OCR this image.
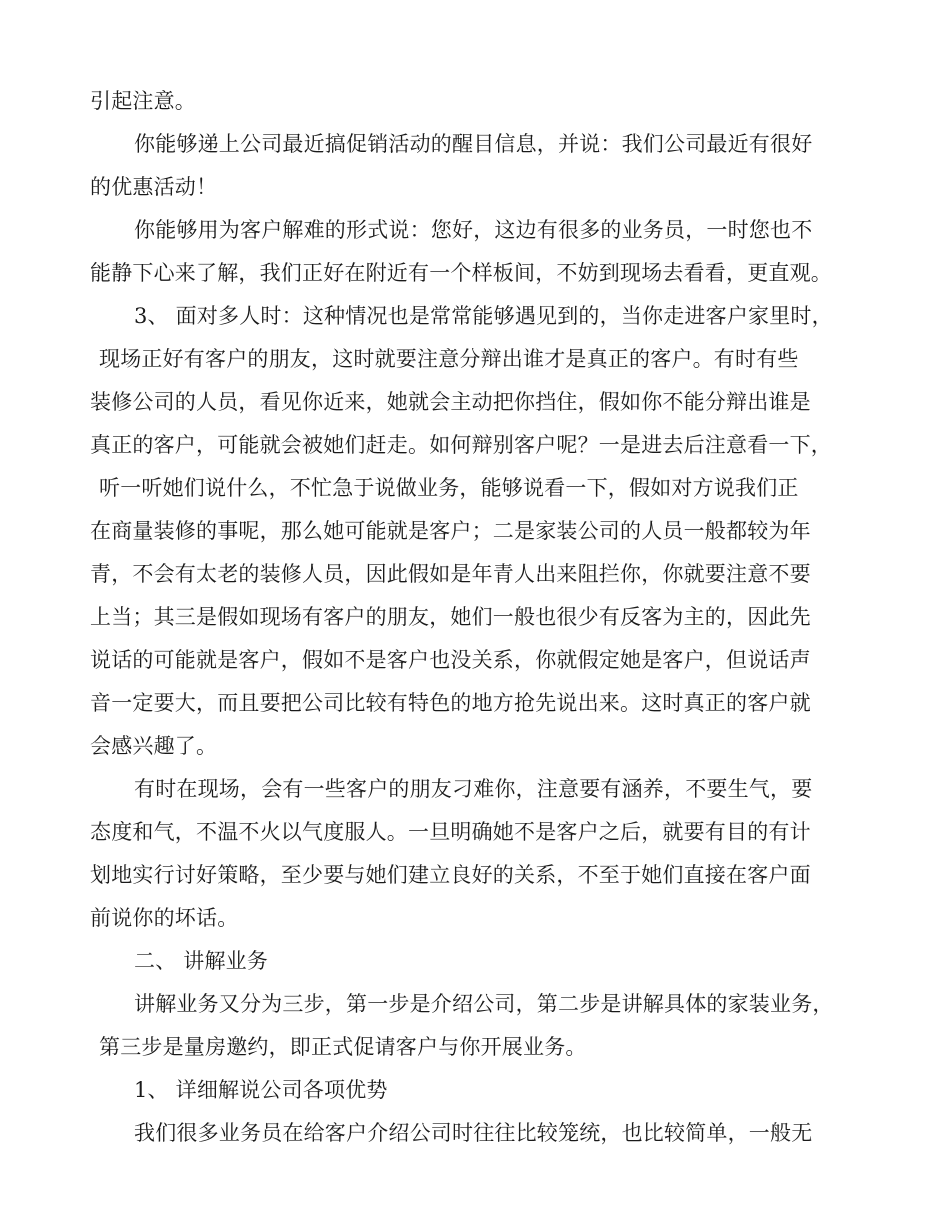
引起注意。
你能够递上公司最近搞促销活动的醒目信息，并说：我们公司最近有很好
的优惠活动！
你能够用为客户解难的形式说：您好，这边有很多的业务员，一时您也不
能静下心来了解，我们正好在附近有一个样板间，不妨到现场去看看，更直观。
3、 面对多人时：这种情况也是常常能够遇见到的，当你走进客户家里时，
现场正好有客户的朋友，这时就要注意分辩出谁才是真正的客户。有时有些
装修公司的人员，看见你近来，她就会主动把你挡住，假如你不能分辩出谁是
真正的客户，可能就会被她们赶走。如何辩别客户呢？一是进去后注意看一下，
听一听她们说什么，不忙急于说做业务，能够说看一下，假如对方说我们正
在商量装修的事呢，那么她可能就是客户；二是家装公司的人员一般都较为年
青，不会有太老的装修人员，因此假如是年青人出来阻拦你，你就要注意不要
上当；其三是假如现场有客户的朋友，她们一般也很少有反客为主的，因此先
说话的可能就是客户，假如不是客户也没关系，你就假定她是客户，但说话声
音一定要大，而且要把公司比较有特色的地方抢先说出来。这时真正的客户就
会感兴趣了。
有时在现场，会有一些客户的朋友刁难你，注意要有涵养，不要生气，要
态度和气，不温不火以气度服人。一旦明确她不是客户之后，就要有目的有计
划地实行讨好策略，至少要与她们建立良好的关系，不至于她们直接在客户面
前说你的坏话。
二、 讲解业务
讲解业务又分为三步，第一步是介绍公司，第二步是讲解具体的家装业务，
第三步是量房邀约，即正式促请客户与你开展业务。
1、 详细解说公司各项优势
我们很多业务员在给客户介绍公司时往往比较笼统，也比较简单，一般无
